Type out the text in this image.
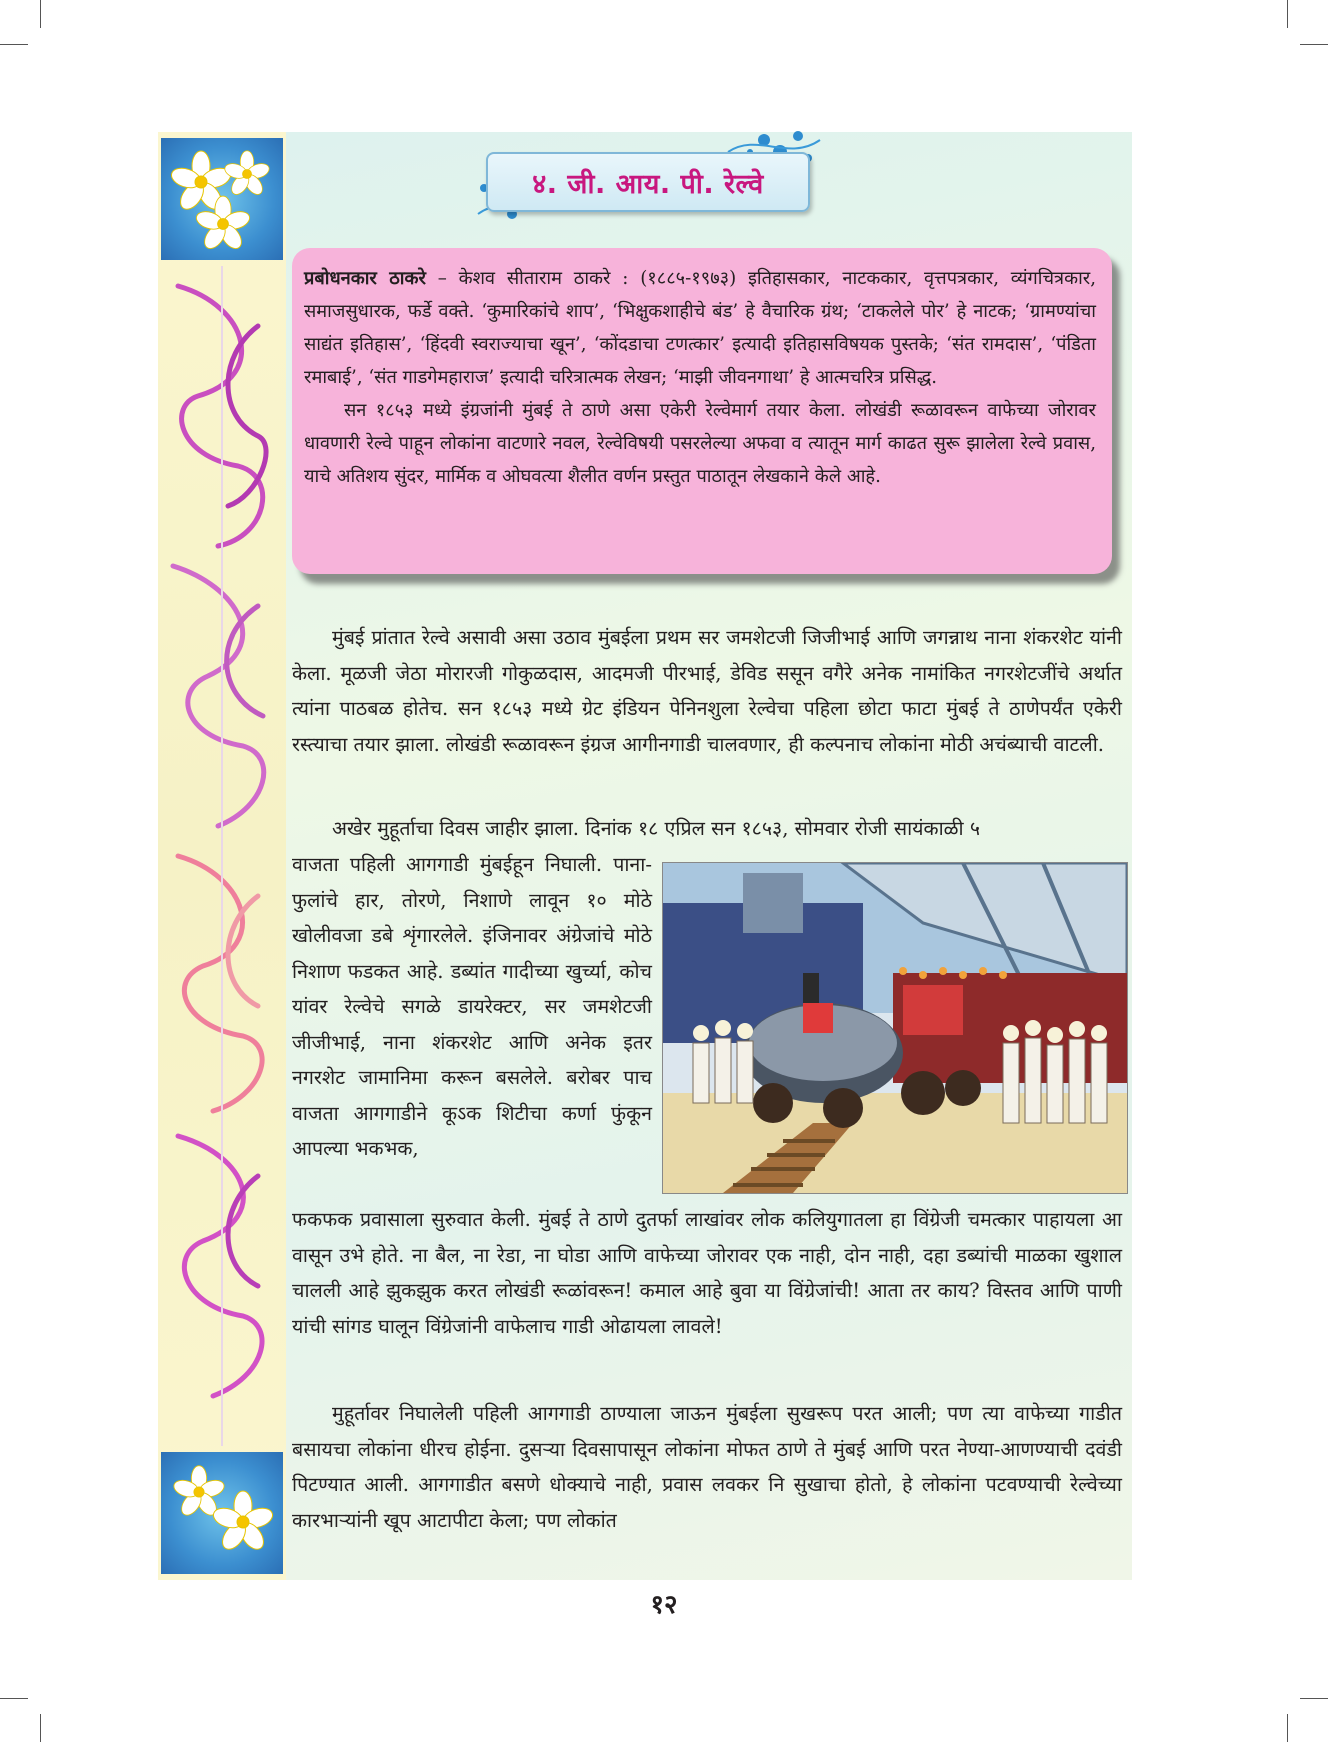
४. जी. आय. पी. रेल्वे

प्रबोधनकार ठाकरे – केशव सीताराम ठाकरे : (१८८५-१९७३) इतिहासकार, नाटककार, वृत्तपत्रकार, व्यंगचित्रकार, समाजसुधारक, फर्डे वक्ते. ‘कुमारिकांचे शाप’, ‘भिक्षुकशाहीचे बंड’ हे वैचारिक ग्रंथ; ‘टाकलेले पोर’ हे नाटक; ‘ग्रामण्यांचा साद्यंत इतिहास’, ‘हिंदवी स्वराज्याचा खून’, ‘कोंदडाचा टणत्कार’ इत्यादी इतिहासविषयक पुस्तके; ‘संत रामदास’, ‘पंडिता रमाबाई’, ‘संत गाडगेमहाराज’ इत्यादी चरित्रात्मक लेखन; ‘माझी जीवनगाथा’ हे आत्मचरित्र प्रसिद्ध.

सन १८५३ मध्ये इंग्रजांनी मुंबई ते ठाणे असा एकेरी रेल्वेमार्ग तयार केला. लोखंडी रूळावरून वाफेच्या जोरावर धावणारी रेल्वे पाहून लोकांना वाटणारे नवल, रेल्वेविषयी पसरलेल्या अफवा व त्यातून मार्ग काढत सुरू झालेला रेल्वे प्रवास, याचे अतिशय सुंदर, मार्मिक व ओघवत्या शैलीत वर्णन प्रस्तुत पाठातून लेखकाने केले आहे.

मुंबई प्रांतात रेल्वे असावी असा उठाव मुंबईला प्रथम सर जमशेटजी जिजीभाई आणि जगन्नाथ नाना शंकरशेट यांनी केला. मूळजी जेठा मोरारजी गोकुळदास, आदमजी पीरभाई, डेविड ससून वगैरे अनेक नामांकित नगरशेटजींचे अर्थात त्यांना पाठबळ होतेच. सन १८५३ मध्ये ग्रेट इंडियन पेनिनशुला रेल्वेचा पहिला छोटा फाटा मुंबई ते ठाणेपर्यंत एकेरी रस्त्याचा तयार झाला. लोखंडी रूळावरून इंग्रज आगीनगाडी चालवणार, ही कल्पनाच लोकांना मोठी अचंब्याची वाटली.

अखेर मुहूर्ताचा दिवस जाहीर झाला. दिनांक १८ एप्रिल सन १८५३, सोमवार रोजी सायंकाळी ५

वाजता पहिली आगगाडी मुंबईहून निघाली. पाना-फुलांचे हार, तोरणे, निशाणे लावून १० मोठे खोलीवजा डबे शृंगारलेले. इंजिनावर अंग्रेजांचे मोठे निशाण फडकत आहे. डब्यांत गादीच्या खुर्च्या, कोच यांवर रेल्वेचे सगळे डायरेक्टर, सर जमशेटजी जीजीभाई, नाना शंकरशेट आणि अनेक इतर नगरशेट जामानिमा करून बसलेले. बरोबर पाच वाजता आगगाडीने कूऽक शिटीचा कर्णा फुंकून आपल्या भकभक,

फकफक प्रवासाला सुरुवात केली. मुंबई ते ठाणे दुतर्फा लाखांवर लोक कलियुगातला हा विंग्रेजी चमत्कार पाहायला आ वासून उभे होते. ना बैल, ना रेडा, ना घोडा आणि वाफेच्या जोरावर एक नाही, दोन नाही, दहा डब्यांची माळका खुशाल चालली आहे झुकझुक करत लोखंडी रूळांवरून! कमाल आहे बुवा या विंग्रेजांची! आता तर काय? विस्तव आणि पाणी यांची सांगड घालून विंग्रेजांनी वाफेलाच गाडी ओढायला लावले!

मुहूर्तावर निघालेली पहिली आगगाडी ठाण्याला जाऊन मुंबईला सुखरूप परत आली; पण त्या वाफेच्या गाडीत बसायचा लोकांना धीरच होईना. दुसऱ्या दिवसापासून लोकांना मोफत ठाणे ते मुंबई आणि परत नेण्या-आणण्याची दवंडी पिटण्यात आली. आगगाडीत बसणे धोक्याचे नाही, प्रवास लवकर नि सुखाचा होतो, हे लोकांना पटवण्याची रेल्वेच्या कारभाऱ्यांनी खूप आटापीटा केला; पण लोकांत

१२
